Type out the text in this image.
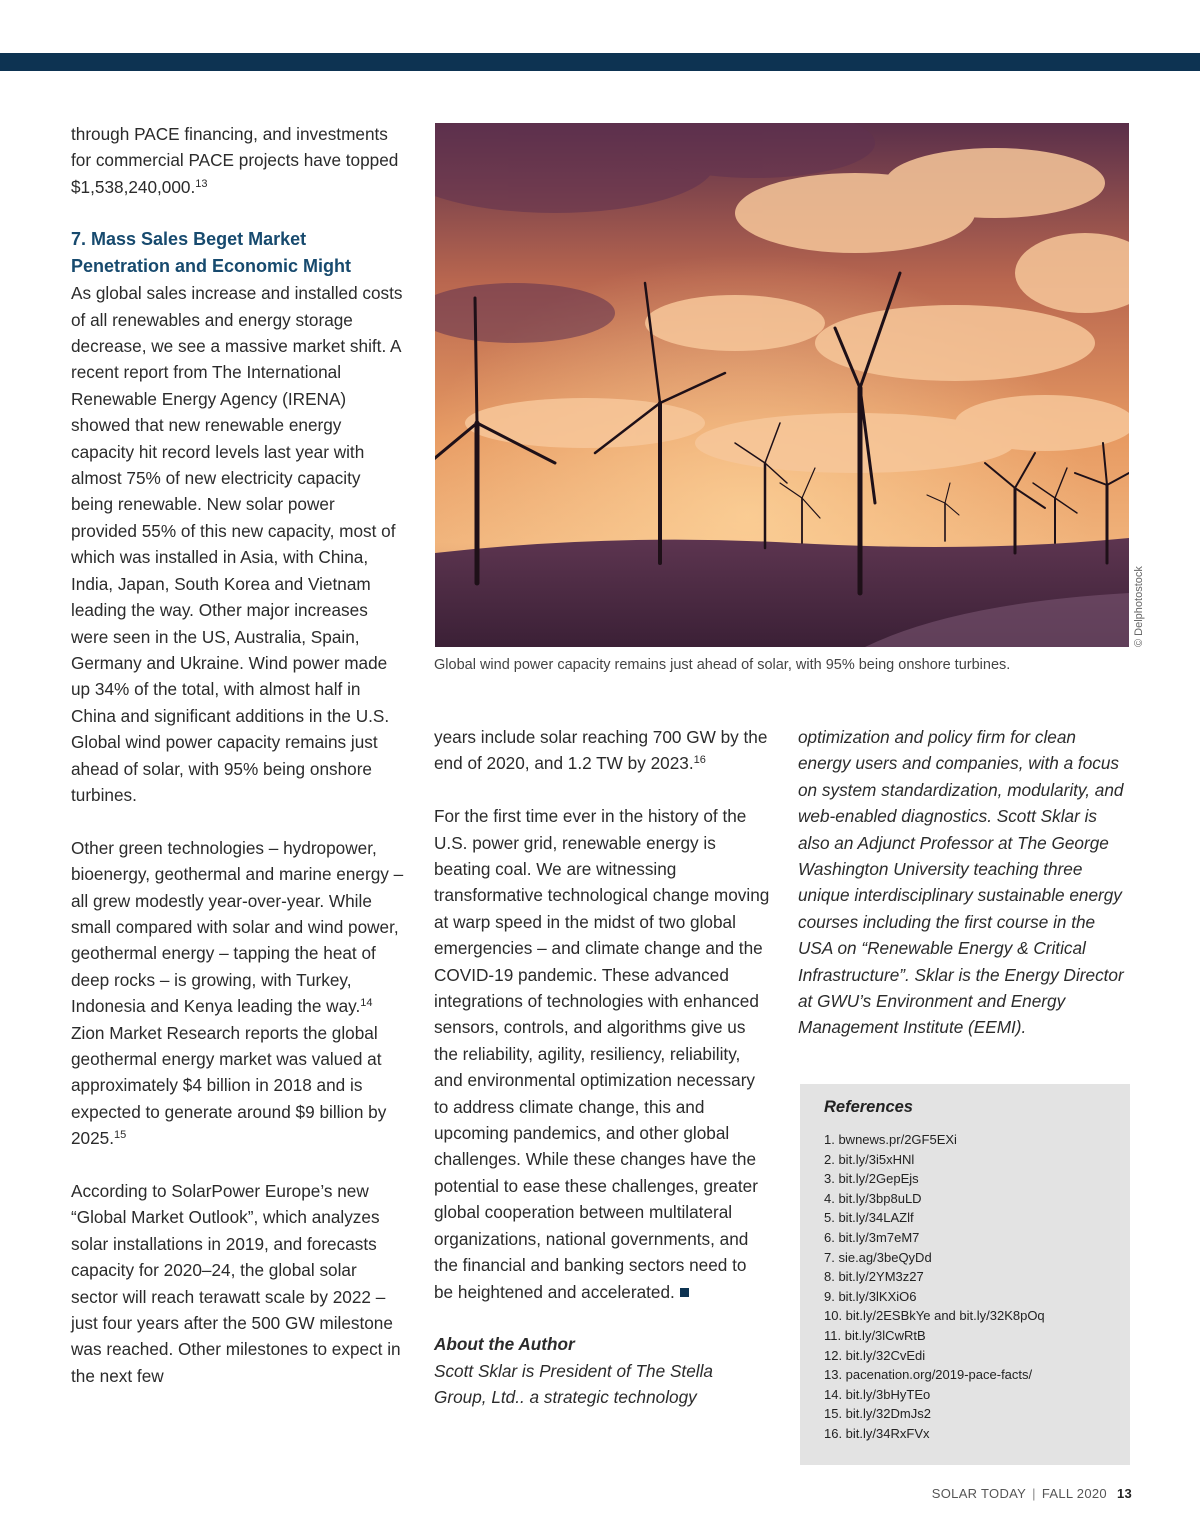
through PACE financing, and investments for commercial PACE projects have topped $1,538,240,000.13

7. Mass Sales Beget Market Penetration and Economic Might

As global sales increase and installed costs of all renewables and energy storage decrease, we see a massive market shift. A recent report from The International Renewable Energy Agency (IRENA) showed that new renewable energy capacity hit record levels last year with almost 75% of new electricity capacity being renewable. New solar power provided 55% of this new capacity, most of which was installed in Asia, with China, India, Japan, South Korea and Vietnam leading the way. Other major increases were seen in the US, Australia, Spain, Germany and Ukraine. Wind power made up 34% of the total, with almost half in China and significant additions in the U.S. Global wind power capacity remains just ahead of solar, with 95% being onshore turbines.

Other green technologies – hydropower, bioenergy, geothermal and marine energy – all grew modestly year-over-year. While small compared with solar and wind power, geothermal energy – tapping the heat of deep rocks – is growing, with Turkey, Indonesia and Kenya leading the way.$^{14}$ Zion Market Research reports the global geothermal energy market was valued at approximately $4 billion in 2018 and is expected to generate around $9 billion by 2025.15

According to SolarPower Europe’s new “Global Market Outlook”, which analyzes solar installations in 2019, and forecasts capacity for 2020–24, the global solar sector will reach terawatt scale by 2022 – just four years after the 500 GW milestone was reached. Other milestones to expect in the next few

© Delphotostock
Global wind power capacity remains just ahead of solar, with 95% being onshore turbines.

years include solar reaching 700 GW by the end of 2020, and 1.2 TW by 2023.16

For the first time ever in the history of the U.S. power grid, renewable energy is beating coal. We are witnessing transformative technological change moving at warp speed in the midst of two global emergencies – and climate change and the COVID-19 pandemic. These advanced integrations of technologies with enhanced sensors, controls, and algorithms give us the reliability, agility, resiliency, reliability, and environmental optimization necessary to address climate change, this and upcoming pandemics, and other global challenges. While these changes have the potential to ease these challenges, greater global cooperation between multilateral organizations, national governments, and the financial and banking sectors need to be heightened and accelerated.

About the Author

Scott Sklar is President of The Stella Group, Ltd.. a strategic technology

optimization and policy firm for clean energy users and companies, with a focus on system standardization, modularity, and web-enabled diagnostics. Scott Sklar is also an Adjunct Professor at The George Washington University teaching three unique interdisciplinary sustainable energy courses including the first course in the USA on “Renewable Energy & Critical Infrastructure”. Sklar is the Energy Director at GWU’s Environment and Energy Management Institute (EEMI).

References
1. bwnews.pr/2GF5EXi
2. bit.ly/3i5xHNl
3. bit.ly/2GepEjs
4. bit.ly/3bp8uLD
5. bit.ly/34LAZlf
6. bit.ly/3m7eM7
7. sie.ag/3beQyDd
8. bit.ly/2YM3z27
9. bit.ly/3lKXiO6
10. bit.ly/2ESBkYe and bit.ly/32K8pOq
11. bit.ly/3lCwRtB
12. bit.ly/32CvEdi
13. pacenation.org/2019-pace-facts/
14. bit.ly/3bHyTEo
15. bit.ly/32DmJs2
16. bit.ly/34RxFVx
SOLAR TODAY | FALL 2020 13
